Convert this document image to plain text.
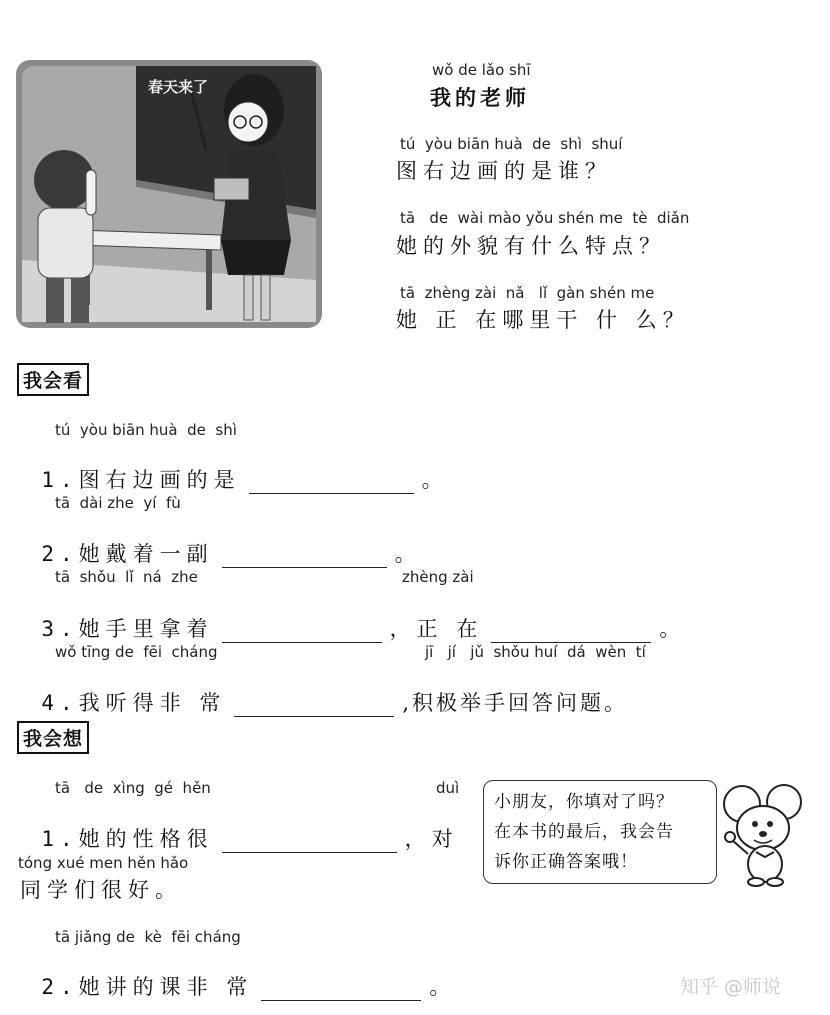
春天来了
wǒ de lǎo shī
我的老师
tú  yòu biān huà  de  shì  shuí
图右边画的是谁？
tā   de  wài mào yǒu shén me  tè  diǎn
她的外貌有什么特点？
tā  zhèng zài  nǎ   lǐ  gàn shén me
她 正 在哪里干 什 么？
我会看
tú  yòu biān huà  de  shì

1.图右边画的是	。

tā  dài zhe  yí  fù

2.她戴着一副	。

tā  shǒu  lǐ  ná  zhe	zhèng zài

3.她手里拿着	，正 在	。

wǒ tīng de  fēi  cháng	jī   jí   jǔ  shǒu huí  dá  wèn  tí

4.我听得非 常	,积极举手回答问题。

我会想
tā   de  xìng  gé  hěn	duì

1.她的性格很	，对

tóng xué men hěn hǎo
同学们很好。
tā jiǎng de  kè  fēi cháng

2.她讲的课非 常	。

小朋友，你填对了吗？
在本书的最后，我会告
诉你正确答案哦！
知乎 @师说
